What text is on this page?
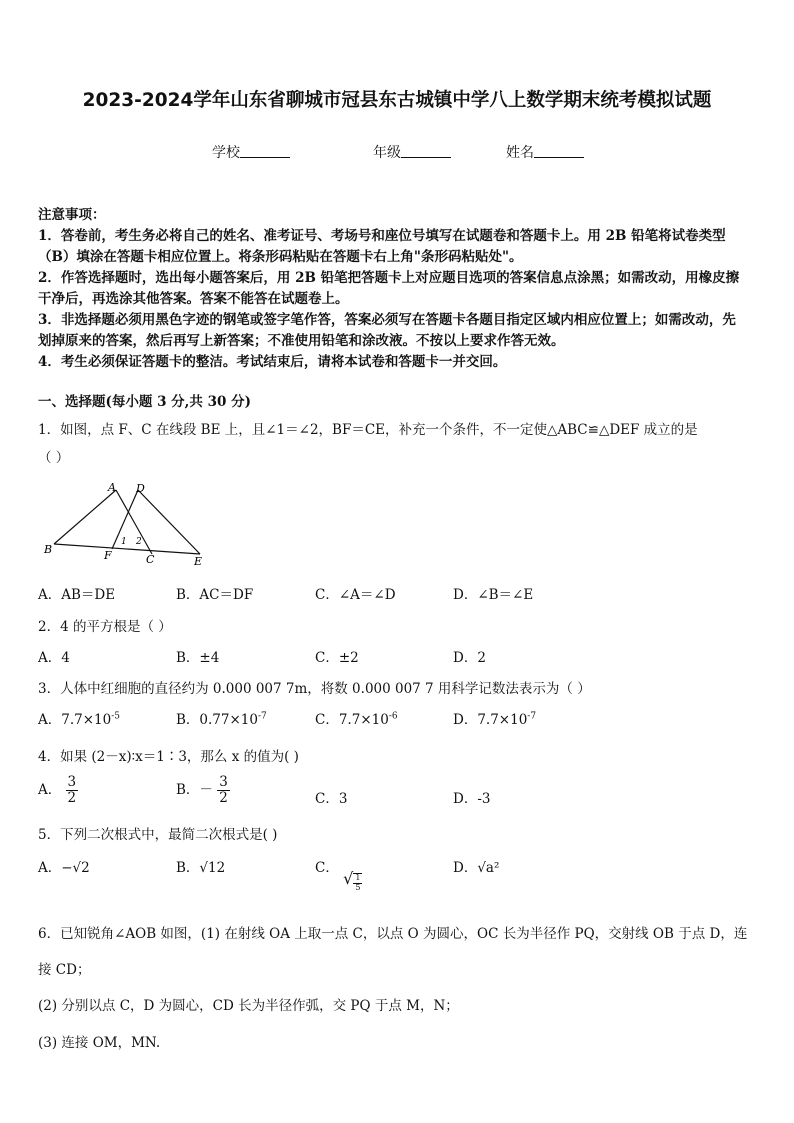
2023-2024学年山东省聊城市冠县东古城镇中学八上数学期末统考模拟试题
学校	年级	姓名
注意事项：
1．答卷前，考生务必将自己的姓名、准考证号、考场号和座位号填写在试题卷和答题卡上。用 2B 铅笔将试卷类型
（B）填涂在答题卡相应位置上。将条形码粘贴在答题卡右上角"条形码粘贴处"。
2．作答选择题时，选出每小题答案后，用 2B 铅笔把答题卡上对应题目选项的答案信息点涂黑；如需改动，用橡皮擦
干净后，再选涂其他答案。答案不能答在试题卷上。
3．非选择题必须用黑色字迹的钢笔或签字笔作答，答案必须写在答题卡各题目指定区域内相应位置上；如需改动，先
划掉原来的答案，然后再写上新答案；不准使用铅笔和涂改液。不按以上要求作答无效。
4．考生必须保证答题卡的整洁。考试结束后，请将本试卷和答题卡一并交回。
一、选择题(每小题 3 分,共 30 分)
1．如图，点 F、C 在线段 BE 上，且∠1＝∠2，BF＝CE，补充一个条件，不一定使△ABC≌△DEF 成立的是
（ ）
A D
B	F	C	E
1 2
A．AB＝DE	B．AC＝DF	C．∠A＝∠D	D．∠B＝∠E
2．4 的平方根是（ ）
A．4	B．±4	C．±2	D．2
3．人体中红细胞的直径约为 0.000 007 7m，将数 0.000 007 7 用科学记数法表示为（ ）
A．$7.7\times 10^{-5}$	B．$0.77\times 10^{-7}$	C．$7.7\times 10^{-6}$	D．$7.7\times 10^{-7}$
4．如果 (2－x)∶x＝1∶3，那么 x 的值为( )
A． $\frac{3}{2}$	B．－ $\frac{3}{2}$	C．3	D．-3
5．下列二次根式中，最简二次根式是( )
A．−√2	B．√12	C． √ $\frac{1}{5}$
D．√a²
6．已知锐角∠AOB 如图，(1) 在射线 OA 上取一点 C，以点 O 为圆心，OC 长为半径作 PQ，交射线 OB 于点 D，连
接 CD；
(2) 分别以点 C，D 为圆心，CD 长为半径作弧，交 PQ 于点 M，N；
(3) 连接 OM，MN.
